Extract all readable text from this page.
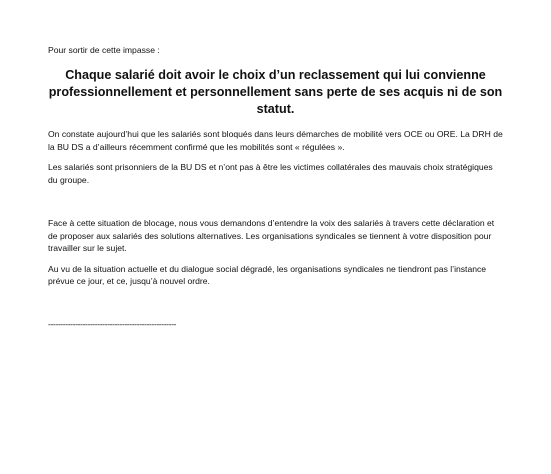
Pour sortir de cette impasse :

Chaque salarié doit avoir le choix d’un reclassement qui lui convienne professionnellement et personnellement sans perte de ses acquis ni de son statut.

On constate aujourd’hui que les salariés sont bloqués dans leurs démarches de mobilité vers OCE ou ORE. La DRH de la BU DS a d’ailleurs récemment confirmé que les mobilités sont « régulées ».

Les salariés sont prisonniers de la BU DS et n’ont pas à être les victimes collatérales des mauvais choix stratégiques du groupe.

Face à cette situation de blocage, nous vous demandons d’entendre la voix des salariés à travers cette déclaration et de proposer aux salariés des solutions alternatives. Les organisations syndicales se tiennent à votre disposition pour travailler sur le sujet.

Au vu de la situation actuelle et du dialogue social dégradé, les organisations syndicales ne tiendront pas l’instance prévue ce jour, et ce, jusqu’à nouvel ordre.

----------------------------------------------------
